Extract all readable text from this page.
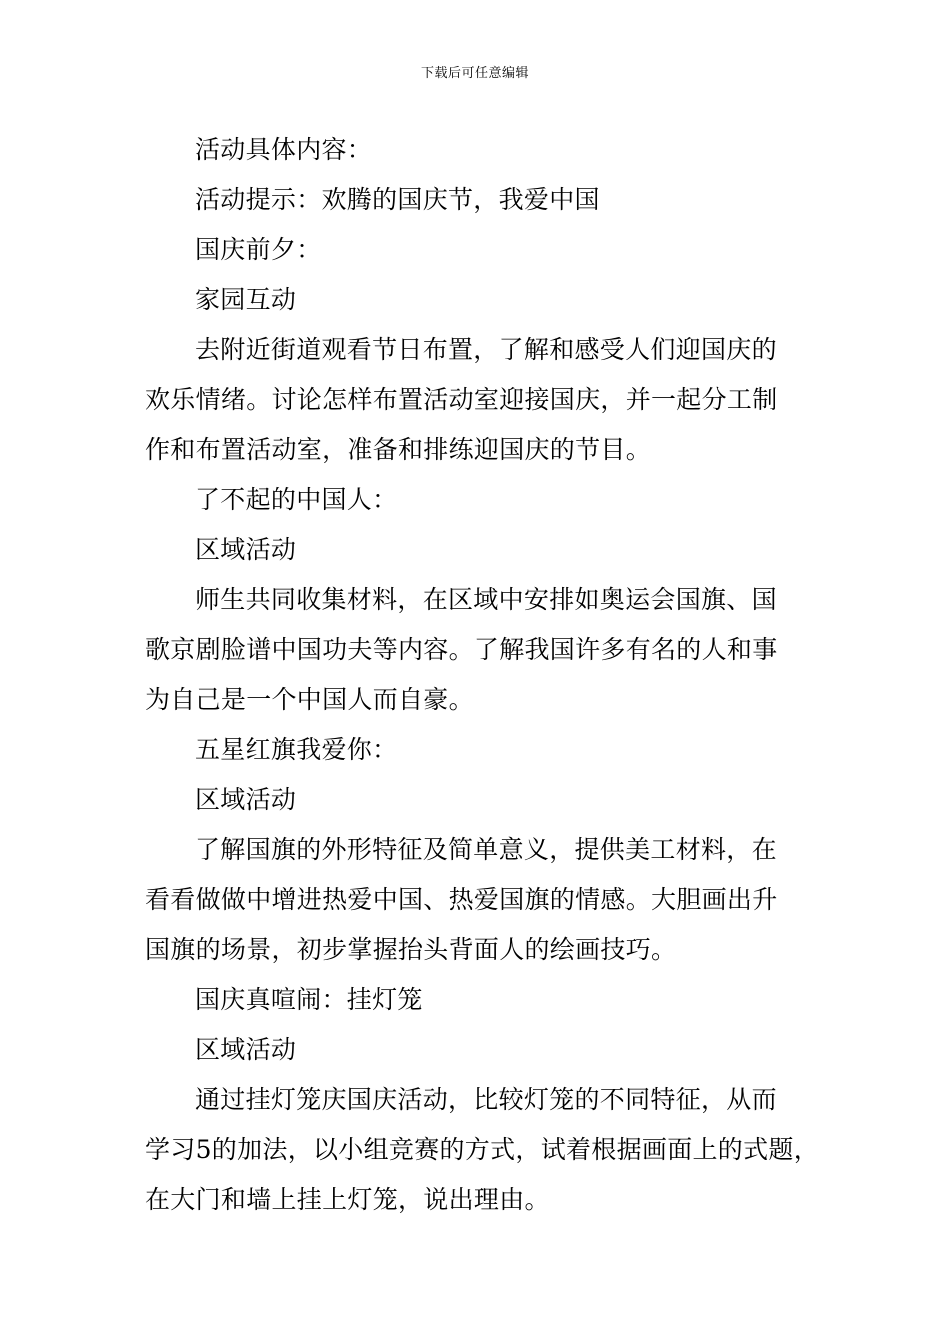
下载后可任意编辑

活动具体内容：

活动提示：欢腾的国庆节，我爱中国

国庆前夕：

家园互动

去附近街道观看节日布置，了解和感受人们迎国庆的
欢乐情绪。讨论怎样布置活动室迎接国庆，并一起分工制
作和布置活动室，准备和排练迎国庆的节目。

了不起的中国人：

区域活动

师生共同收集材料，在区域中安排如奥运会国旗、国
歌京剧脸谱中国功夫等内容。了解我国许多有名的人和事
为自己是一个中国人而自豪。

五星红旗我爱你：

区域活动

了解国旗的外形特征及简单意义，提供美工材料，在
看看做做中增进热爱中国、热爱国旗的情感。大胆画出升
国旗的场景，初步掌握抬头背面人的绘画技巧。

国庆真喧闹：挂灯笼

区域活动

通过挂灯笼庆国庆活动，比较灯笼的不同特征，从而
学习5的加法，以小组竞赛的方式，试着根据画面上的式题，
在大门和墙上挂上灯笼，说出理由。
